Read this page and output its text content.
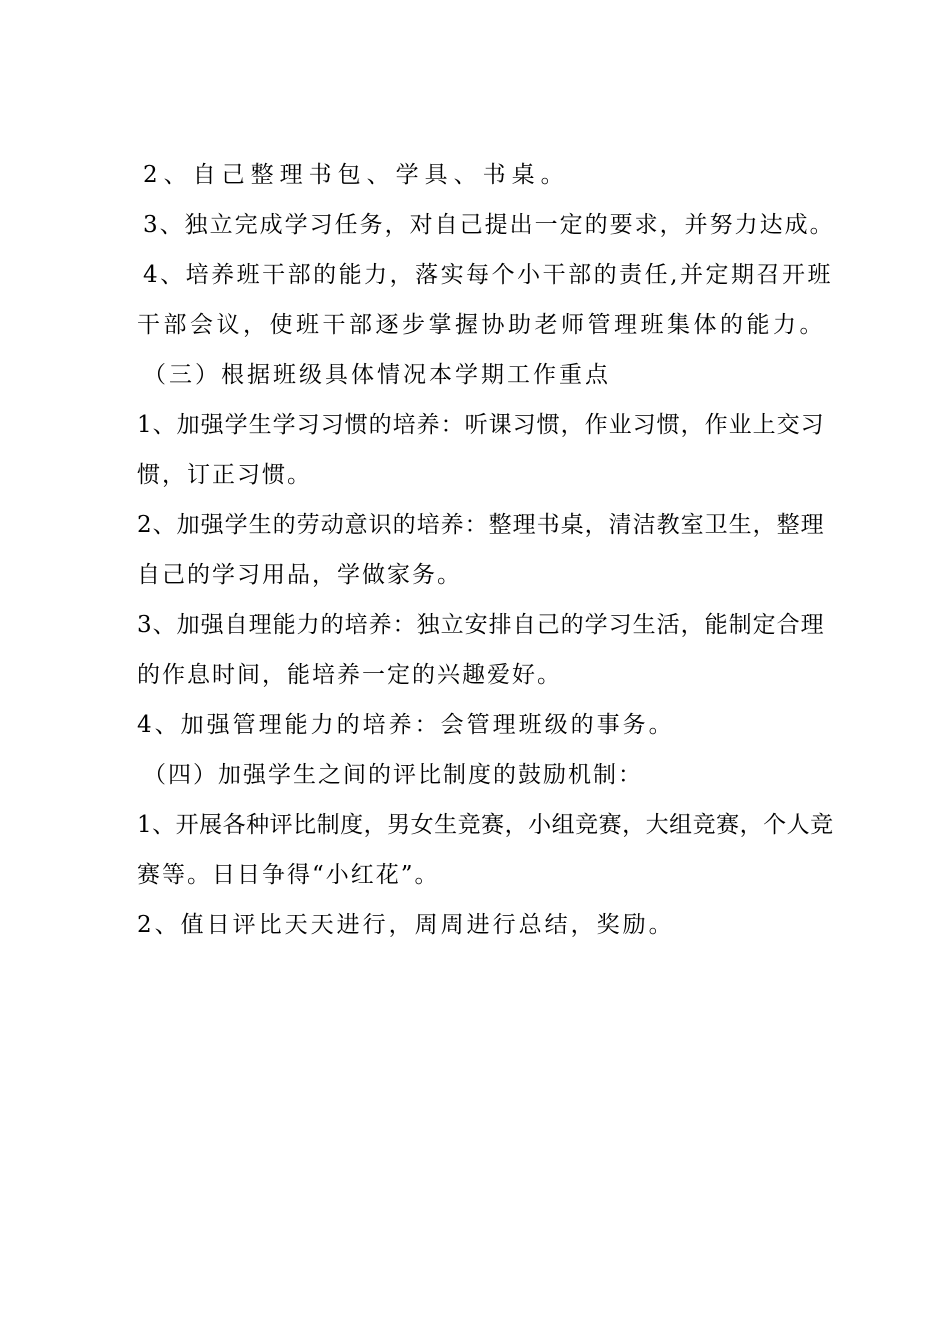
2、自己整理书包、学具、书桌。
3、独立完成学习任务，对自己提出一定的要求，并努力达成。
4、培养班干部的能力，落实每个小干部的责任,并定期召开班
干部会议，使班干部逐步掌握协助老师管理班集体的能力。
（三）根据班级具体情况本学期工作重点
1、加强学生学习习惯的培养：听课习惯，作业习惯，作业上交习
惯，订正习惯。
2、加强学生的劳动意识的培养：整理书桌，清洁教室卫生，整理
自己的学习用品，学做家务。
3、加强自理能力的培养：独立安排自己的学习生活，能制定合理
的作息时间，能培养一定的兴趣爱好。
4、加强管理能力的培养：会管理班级的事务。
（四）加强学生之间的评比制度的鼓励机制：
1、开展各种评比制度，男女生竞赛，小组竞赛，大组竞赛，个人竞
赛等。日日争得“小红花”。
2、值日评比天天进行，周周进行总结，奖励。
